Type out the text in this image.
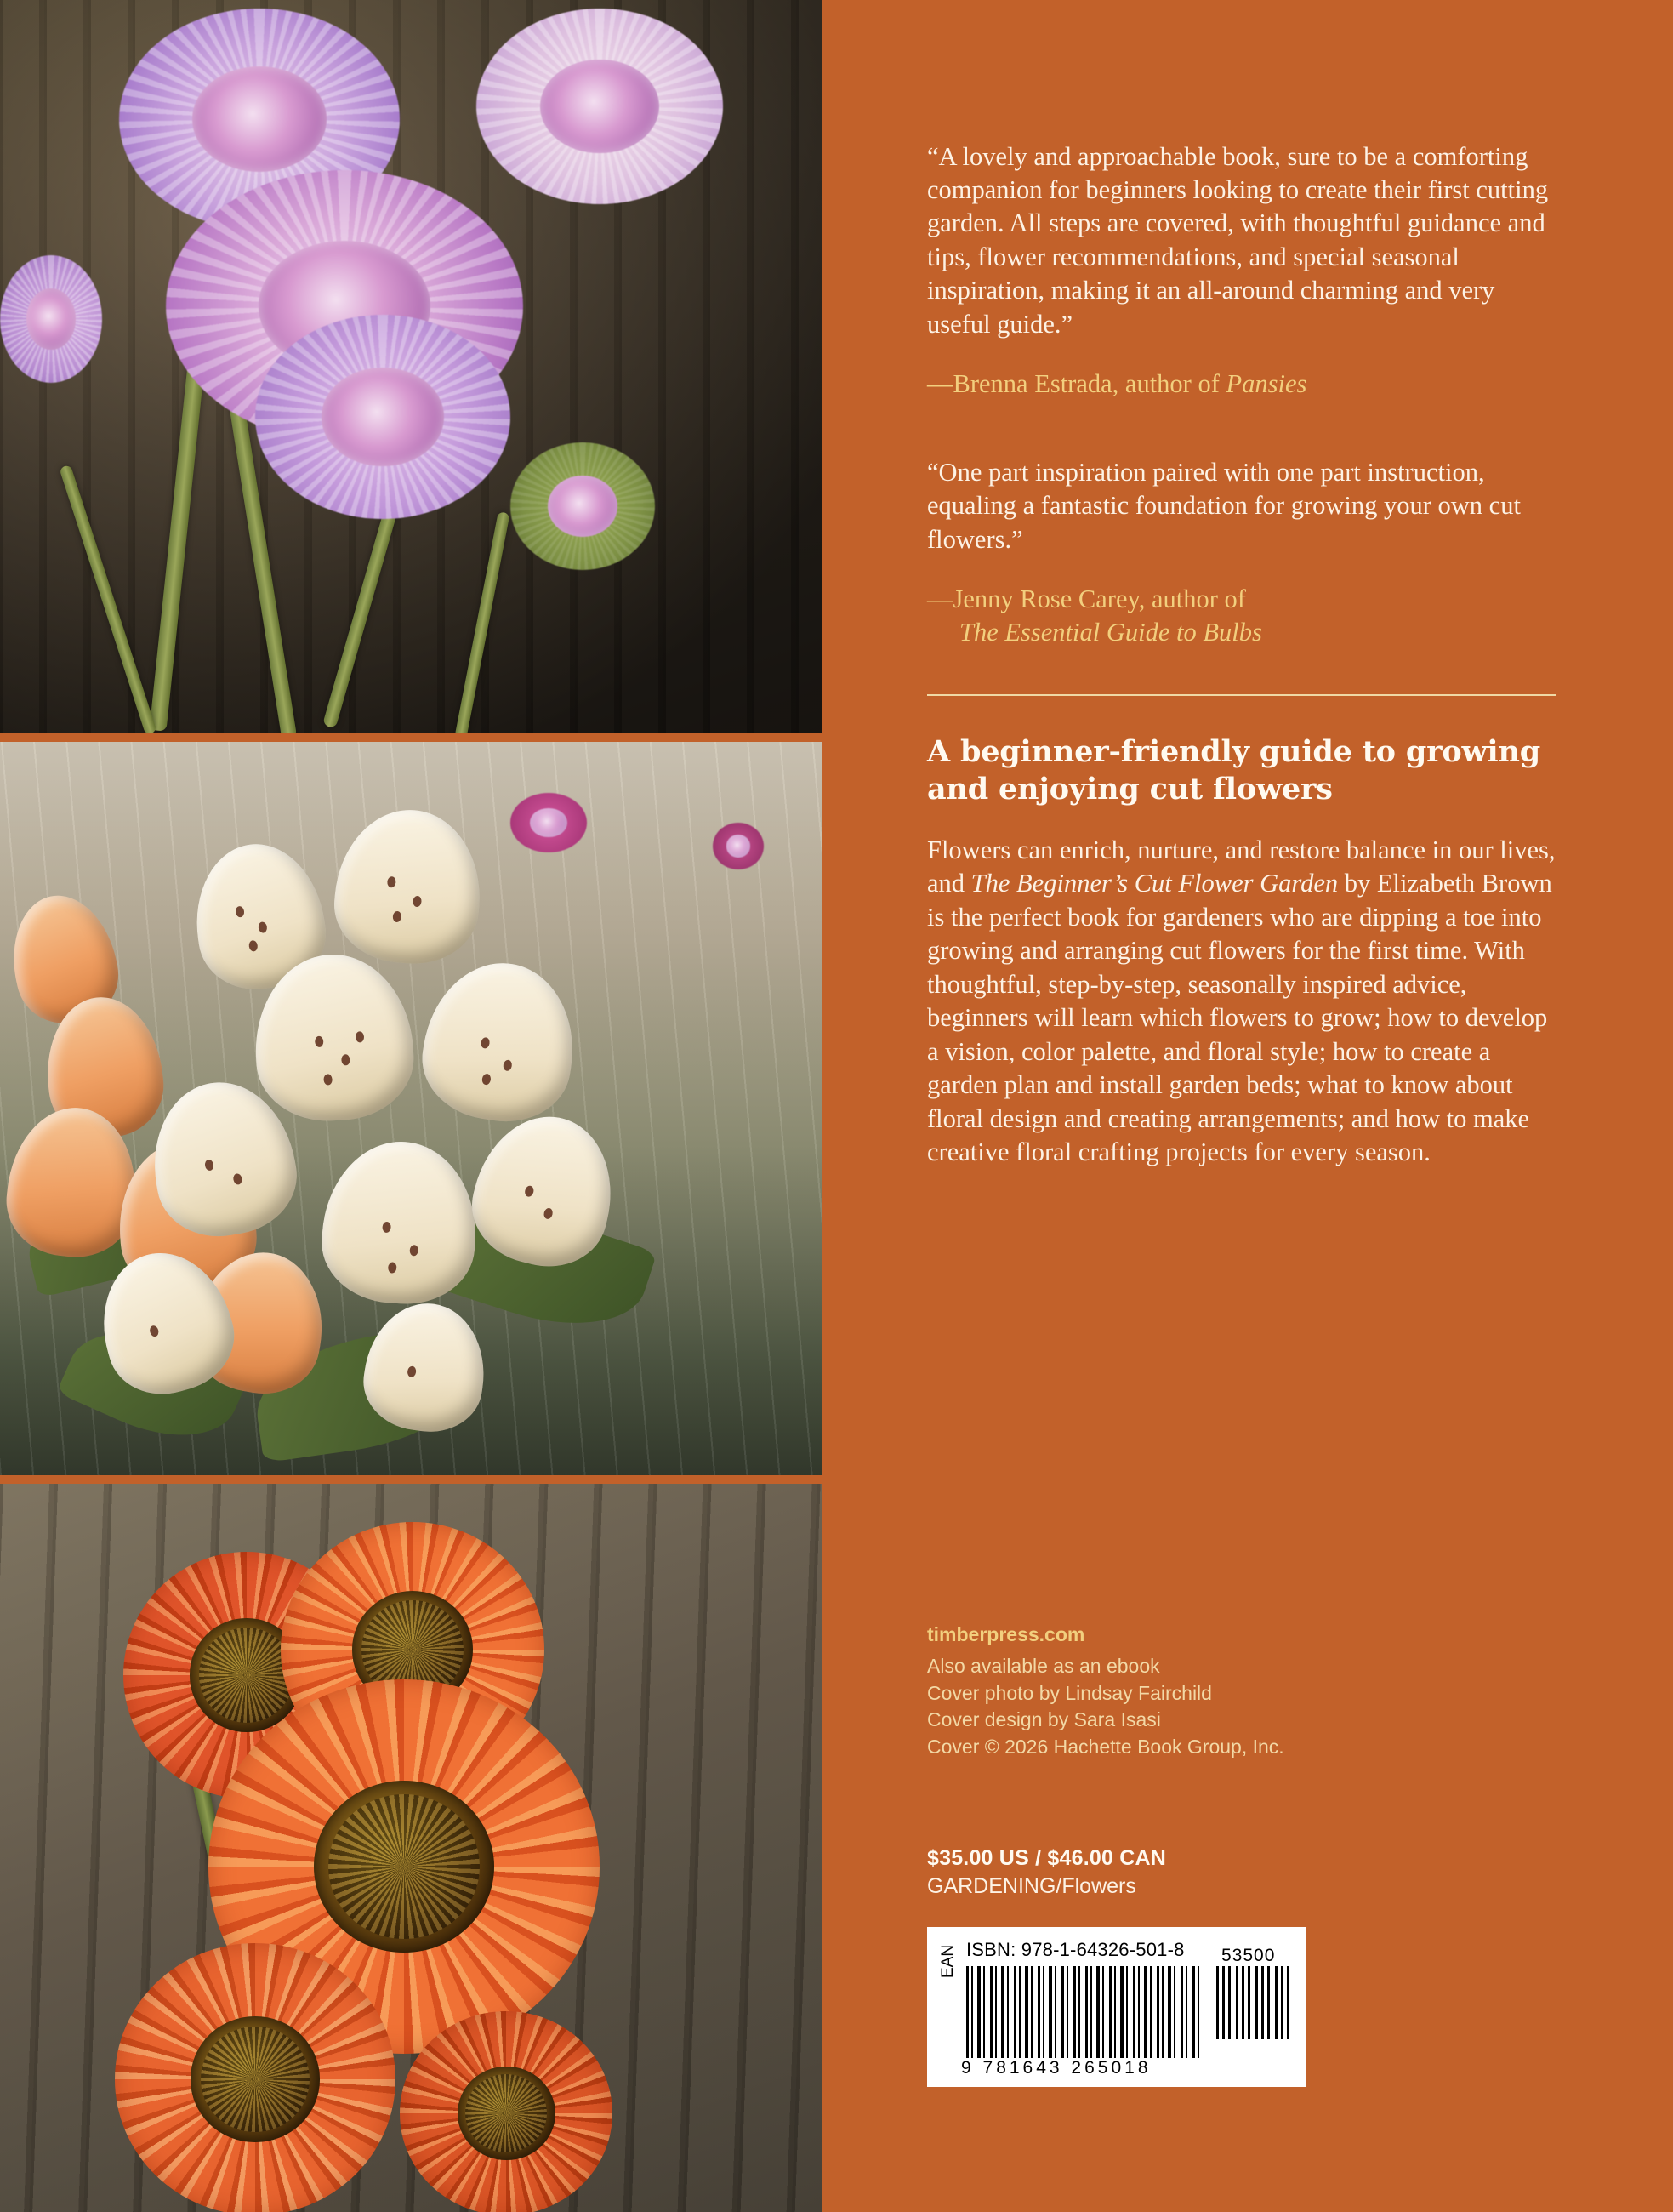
“A lovely and approachable book, sure to be a comforting companion for beginners looking to create their first cutting garden. All steps are covered, with thoughtful guidance and tips, flower recommendations, and special seasonal inspiration, making it an all-around charming and very useful guide.”

—Brenna Estrada, author of Pansies

“One part inspiration paired with one part instruction, equaling a fantastic foundation for growing your own cut flowers.”

—Jenny Rose Carey, author of
The Essential Guide to Bulbs
A beginner-friendly guide to growing and enjoying cut flowers

Flowers can enrich, nurture, and restore balance in our lives, and The Beginner’s Cut Flower Garden by Elizabeth Brown is the perfect book for gardeners who are dipping a toe into growing and arranging cut flowers for the first time. With thoughtful, step-by-step, seasonally inspired advice, beginners will learn which flowers to grow; how to develop a vision, color palette, and floral style; how to create a garden plan and install garden beds; what to know about floral design and creating arrangements; and how to make creative floral crafting projects for every season.

timberpress.com
Also available as an ebook
Cover photo by Lindsay Fairchild
Cover design by Sara Isasi
Cover © 2026 Hachette Book Group, Inc.
$35.00 US / $46.00 CAN
GARDENING/Flowers
ISBN: 978-1-64326-501-8
EAN	53500
9 781643 265018
